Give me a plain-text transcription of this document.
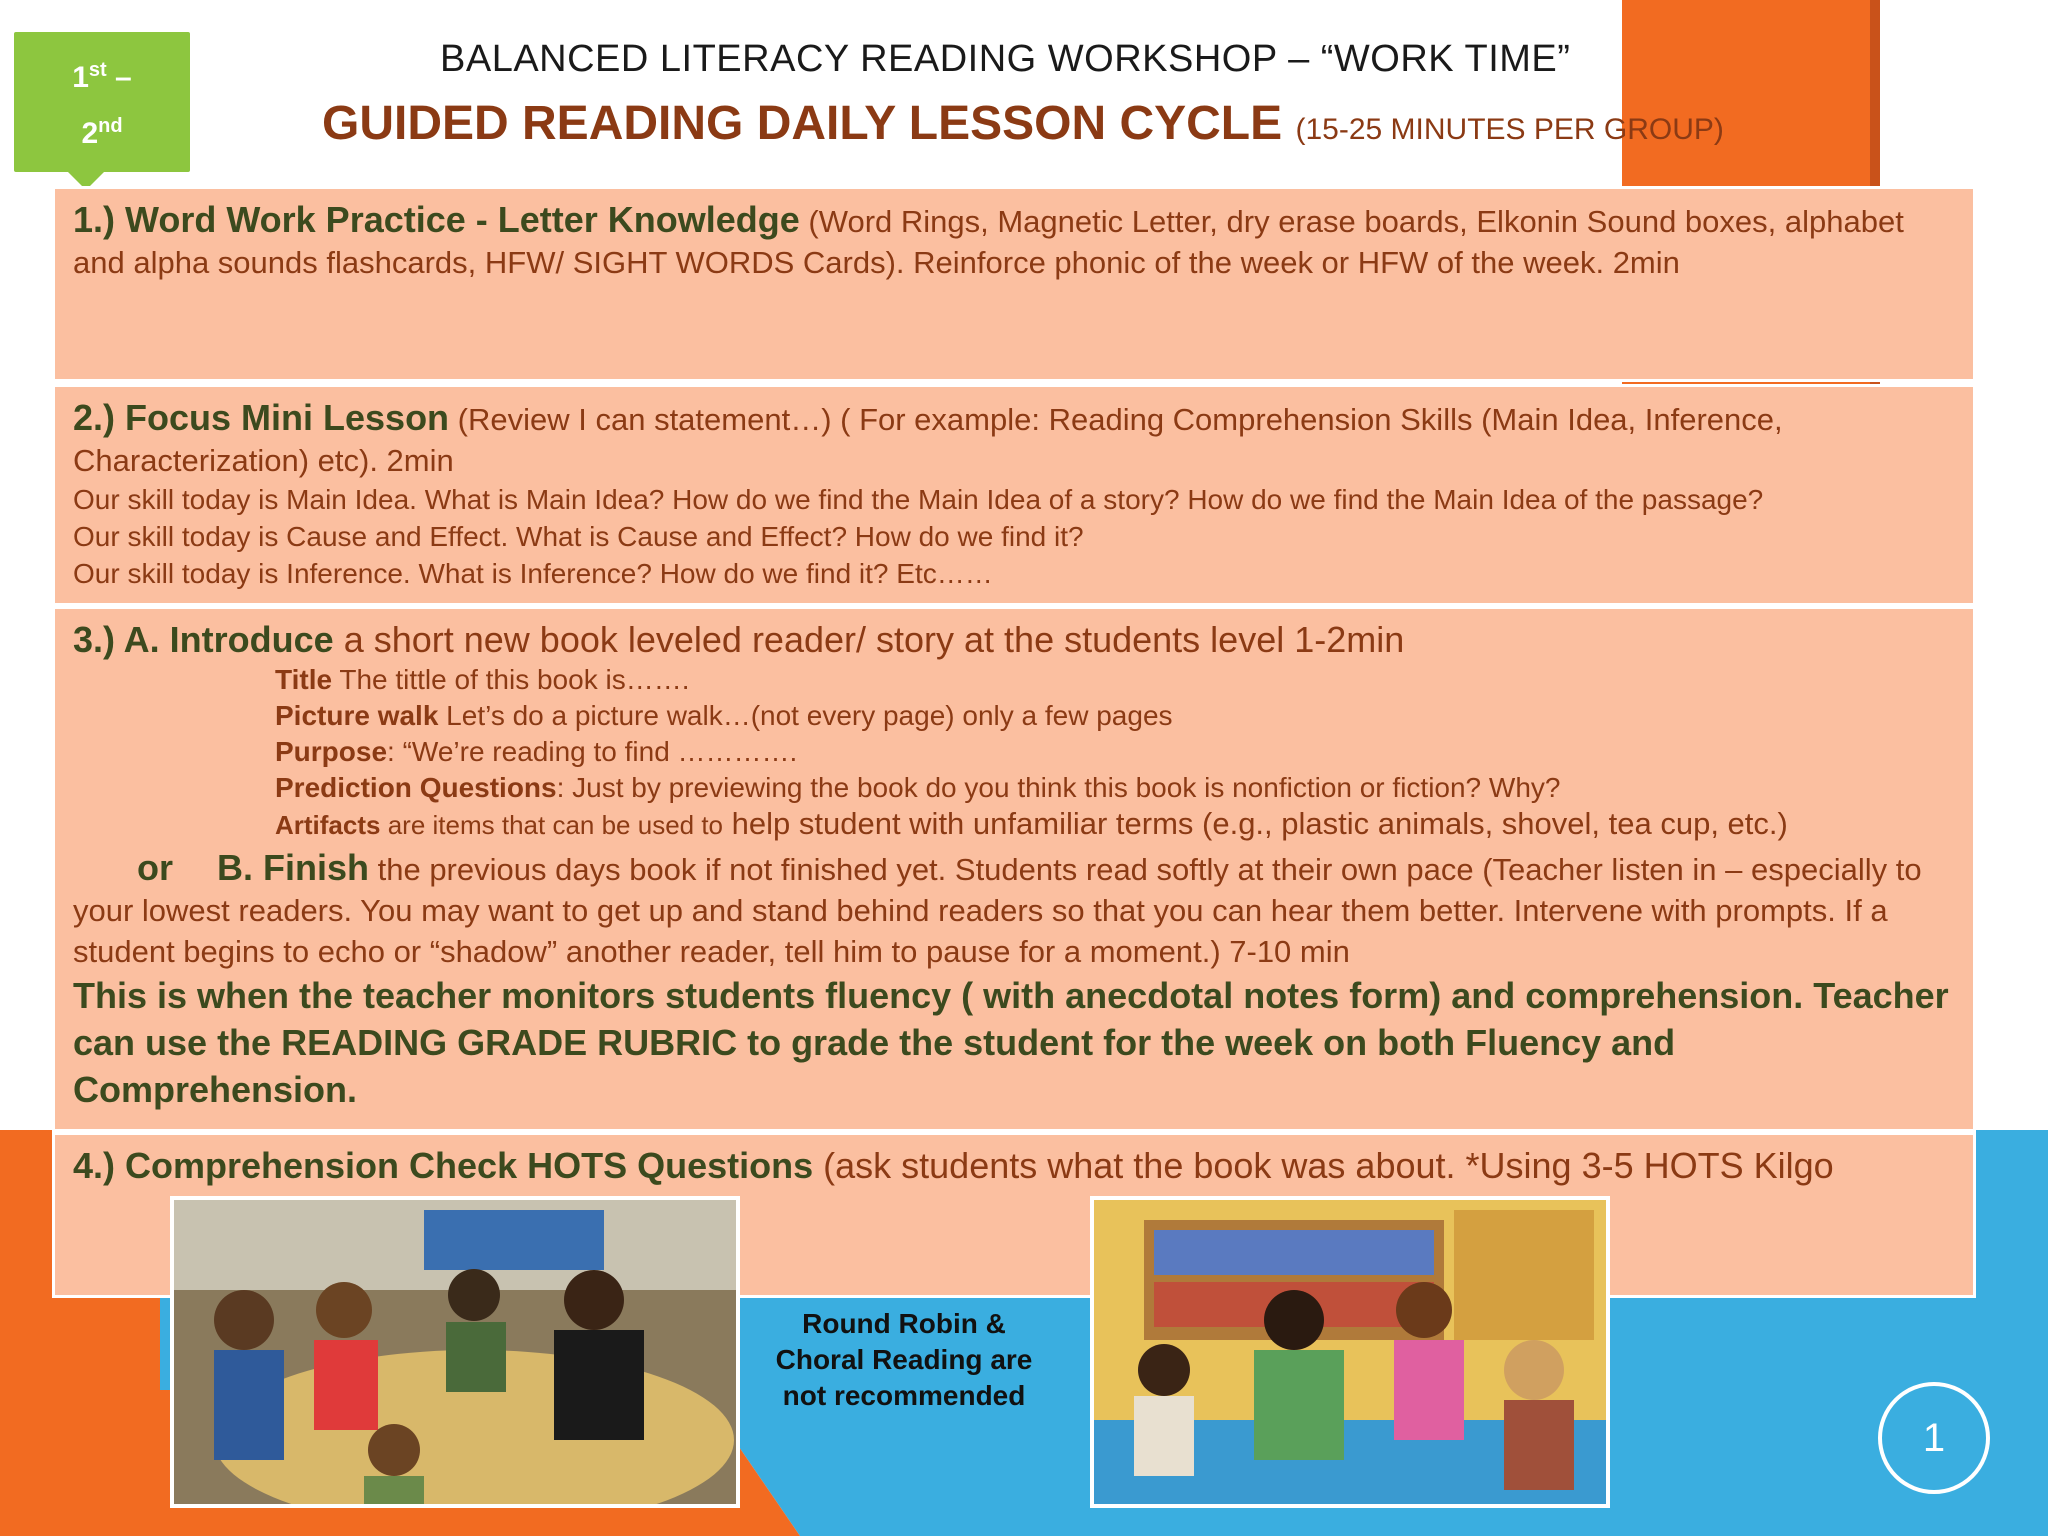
1st –
2nd
BALANCED LITERACY READING WORKSHOP – “WORK TIME”
GUIDED READING DAILY LESSON CYCLE (15-25 MINUTES PER GROUP)
1.) Word Work Practice - Letter Knowledge (Word Rings, Magnetic Letter, dry erase boards, Elkonin Sound boxes, alphabet and alpha sounds flashcards, HFW/ SIGHT WORDS Cards). Reinforce phonic of the week or HFW of the week. 2min
2.) Focus Mini Lesson (Review I can statement…) ( For example: Reading Comprehension Skills (Main Idea, Inference, Characterization) etc). 2min
Our skill today is Main Idea. What is Main Idea? How do we find the Main Idea of a story? How do we find the Main Idea of the passage?
Our skill today is Cause and Effect. What is Cause and Effect? How do we find it?
Our skill today is Inference. What is Inference? How do we find it? Etc……
3.) A. Introduce a short new book leveled reader/ story at the students level 1-2min
Title The tittle of this book is…….
Picture walk Let’s do a picture walk…(not every page) only a few pages
Purpose: “We’re reading to find ………….
Prediction Questions: Just by previewing the book do you think this book is nonfiction or fiction? Why?
Artifacts are items that can be used to help student with unfamiliar terms (e.g., plastic animals, shovel, tea cup, etc.)
or B. Finish the previous days book if not finished yet. Students read softly at their own pace (Teacher listen in – especially to your lowest readers. You may want to get up and stand behind readers so that you can hear them better. Intervene with prompts. If a student begins to echo or “shadow” another reader, tell him to pause for a moment.) 7-10 min
This is when the teacher monitors students fluency ( with anecdotal notes form) and comprehension. Teacher can use the READING GRADE RUBRIC to grade the student for the week on both Fluency and Comprehension.
4.) Comprehension Check HOTS Questions (ask students what the book was about. *Using 3-5 HOTS Kilgo
Round Robin & Choral Reading are not recommended
1
